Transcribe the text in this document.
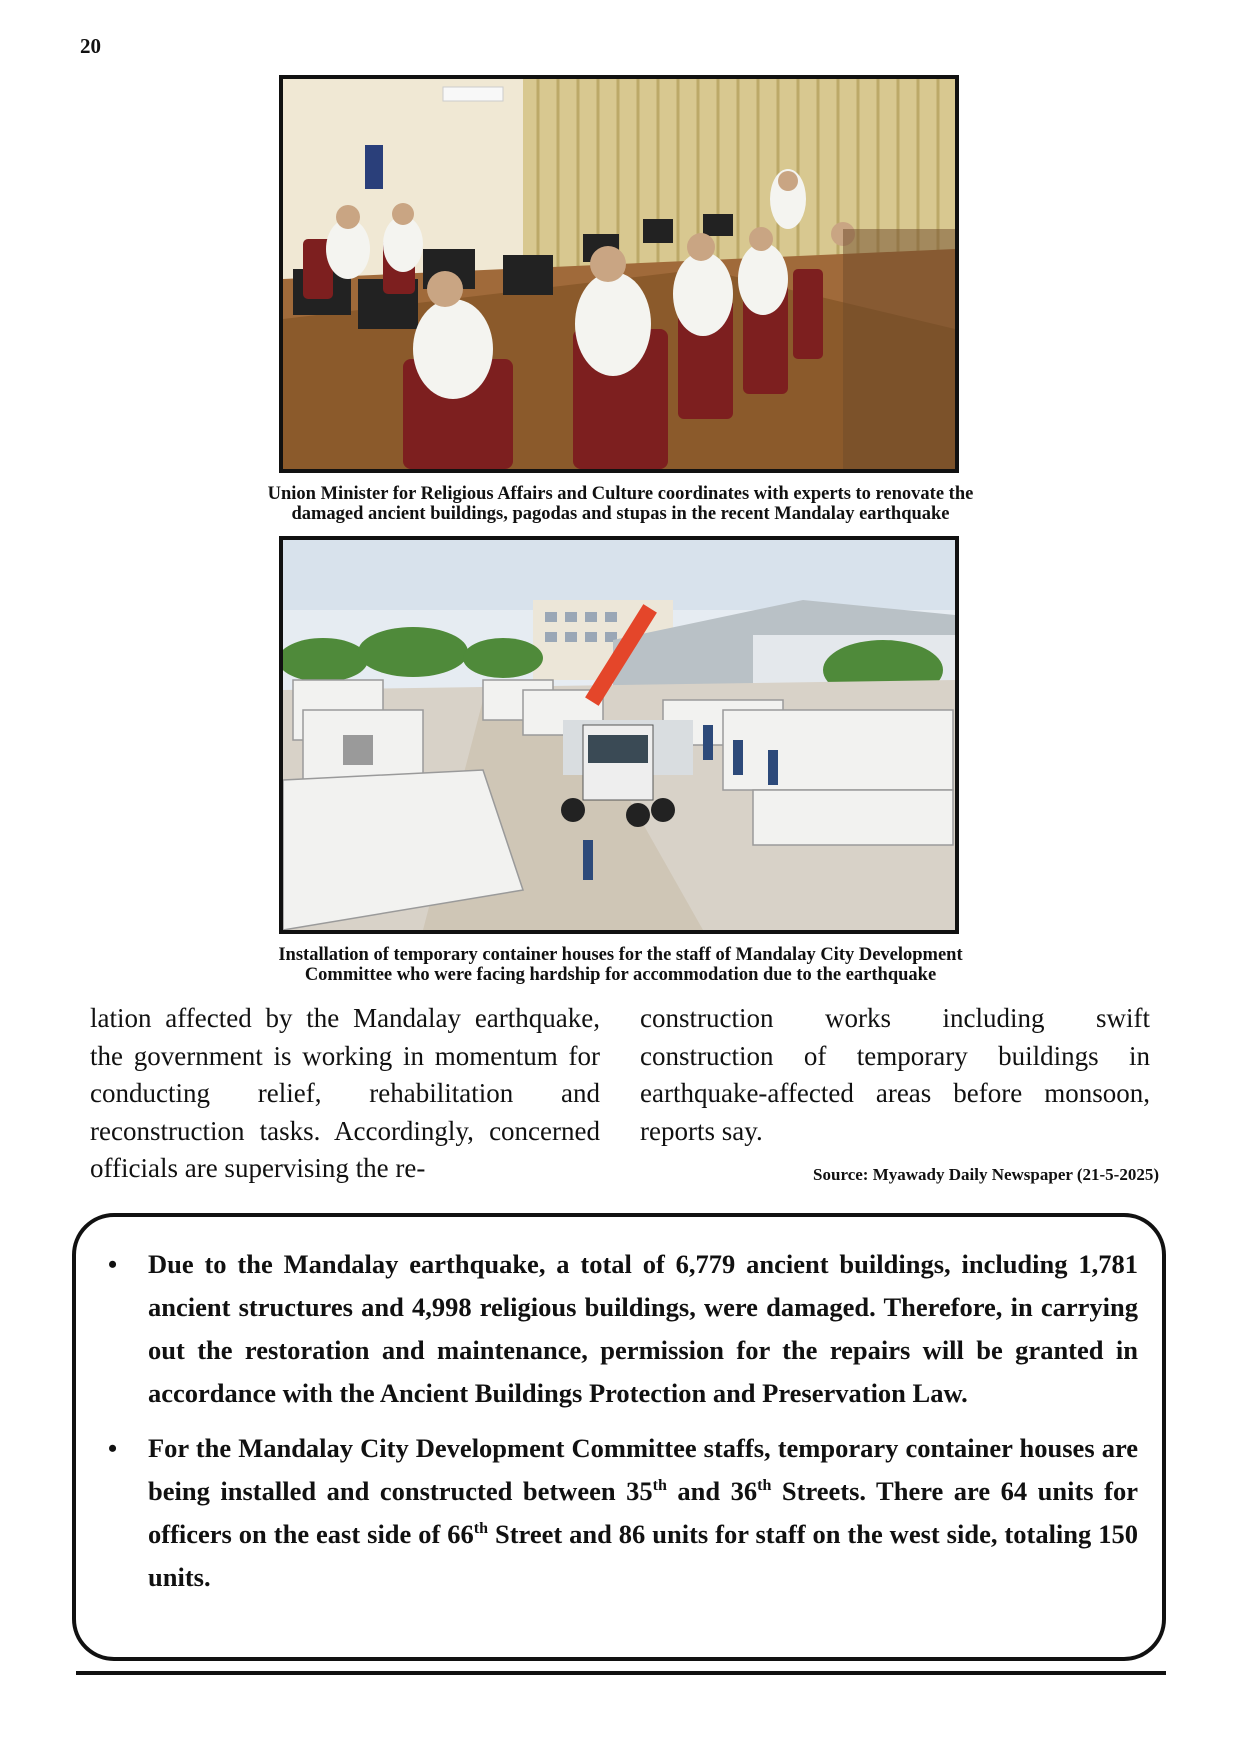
20
Union Minister for Religious Affairs and Culture coordinates with experts to renovate the
damaged ancient buildings, pagodas and stupas in the recent Mandalay earthquake
Installation of temporary container houses for the staff of Mandalay City Development
Committee who were facing hardship for accommodation due to the earthquake
lation affected by the Mandalay earthquake, the government is working in momentum for conducting relief, rehabilitation and reconstruction tasks. Accordingly, concerned officials are supervising the re-
construction works including swift construction of temporary buildings in earthquake-affected areas before monsoon, reports say.
Source: Myawady Daily Newspaper (21-5-2025)
• Due to the Mandalay earthquake, a total of 6,779 ancient buildings, including 1,781 ancient structures and 4,998 religious buildings, were damaged. Therefore, in carrying out the restoration and maintenance, permission for the repairs will be granted in accordance with the Ancient Buildings Protection and Preservation Law.
• For the Mandalay City Development Committee staffs, temporary container houses are being installed and constructed between 35th and 36th Streets. There are 64 units for officers on the east side of 66th Street and 86 units for staff on the west side, totaling 150 units.
